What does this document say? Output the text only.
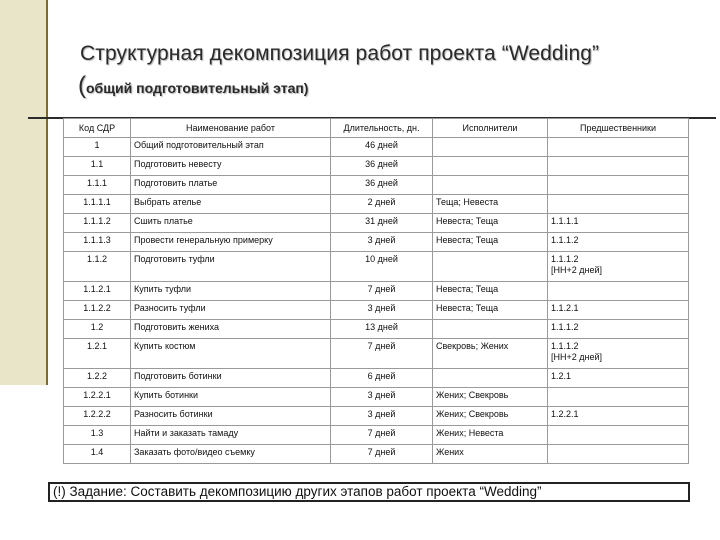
Структурная декомпозиция работ проекта “Wedding”
(общий подготовительный этап)
Код СДР	Наименование работ	Длительность, дн.	Исполнители	Предшественники
1	Общий подготовительный этап	46 дней		

1.1	Подготовить невесту	36 дней		

1.1.1	Подготовить платье	36 дней		

1.1.1.1	Выбрать ателье	2 дней	Теща; Невеста	

1.1.1.2	Сшить платье	31 дней	Невеста; Теща	1.1.1.1

1.1.1.3	Провести генеральную примерку	3 дней	Невеста; Теща	1.1.1.2

1.1.2	Подготовить туфли	10 дней		1.1.1.2
[НН+2 дней]

1.1.2.1	Купить туфли	7 дней	Невеста; Теща	

1.1.2.2	Разносить туфли	3 дней	Невеста; Теща	1.1.2.1

1.2	Подготовить жениха	13 дней		1.1.1.2

1.2.1	Купить костюм	7 дней	Свекровь; Жених	1.1.1.2
[НН+2 дней]

1.2.2	Подготовить ботинки	6 дней		1.2.1

1.2.2.1	Купить ботинки	3 дней	Жених; Свекровь	

1.2.2.2	Разносить ботинки	3 дней	Жених; Свекровь	1.2.2.1

1.3	Найти и заказать тамаду	7 дней	Жених; Невеста	

1.4	Заказать фото/видео съемку	7 дней	Жених	
(!) Задание: Составить декомпозицию других этапов работ проекта “Wedding”
